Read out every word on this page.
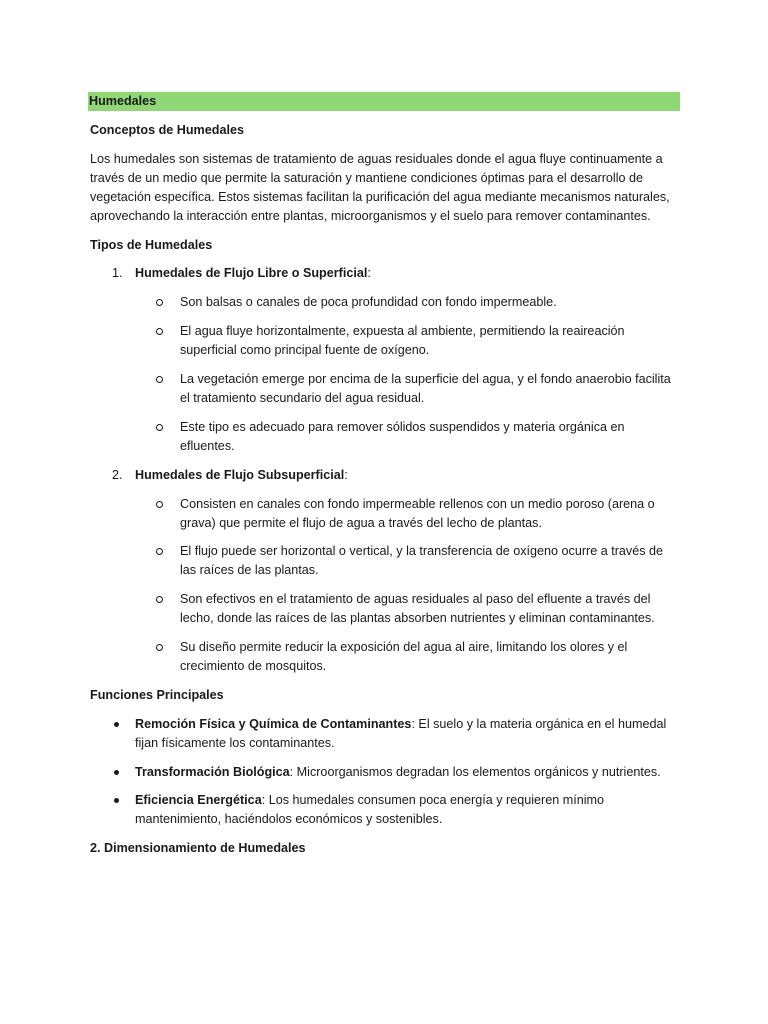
Humedales

Conceptos de Humedales

Los humedales son sistemas de tratamiento de aguas residuales donde el agua fluye continuamente a través de un medio que permite la saturación y mantiene condiciones óptimas para el desarrollo de vegetación específica. Estos sistemas facilitan la purificación del agua mediante mecanismos naturales, aprovechando la interacción entre plantas, microorganismos y el suelo para remover contaminantes.

Tipos de Humedales

1. Humedales de Flujo Libre o Superficial:

Son balsas o canales de poca profundidad con fondo impermeable.
El agua fluye horizontalmente, expuesta al ambiente, permitiendo la reaireación superficial como principal fuente de oxígeno.
La vegetación emerge por encima de la superficie del agua, y el fondo anaerobio facilita el tratamiento secundario del agua residual.
Este tipo es adecuado para remover sólidos suspendidos y materia orgánica en efluentes.
2. Humedales de Flujo Subsuperficial:

Consisten en canales con fondo impermeable rellenos con un medio poroso (arena o grava) que permite el flujo de agua a través del lecho de plantas.
El flujo puede ser horizontal o vertical, y la transferencia de oxígeno ocurre a través de las raíces de las plantas.
Son efectivos en el tratamiento de aguas residuales al paso del efluente a través del lecho, donde las raíces de las plantas absorben nutrientes y eliminan contaminantes.
Su diseño permite reducir la exposición del agua al aire, limitando los olores y el crecimiento de mosquitos.

Funciones Principales

Remoción Física y Química de Contaminantes: El suelo y la materia orgánica en el humedal fijan físicamente los contaminantes.
Transformación Biológica: Microorganismos degradan los elementos orgánicos y nutrientes.
Eficiencia Energética: Los humedales consumen poca energía y requieren mínimo mantenimiento, haciéndolos económicos y sostenibles.

2. Dimensionamiento de Humedales
